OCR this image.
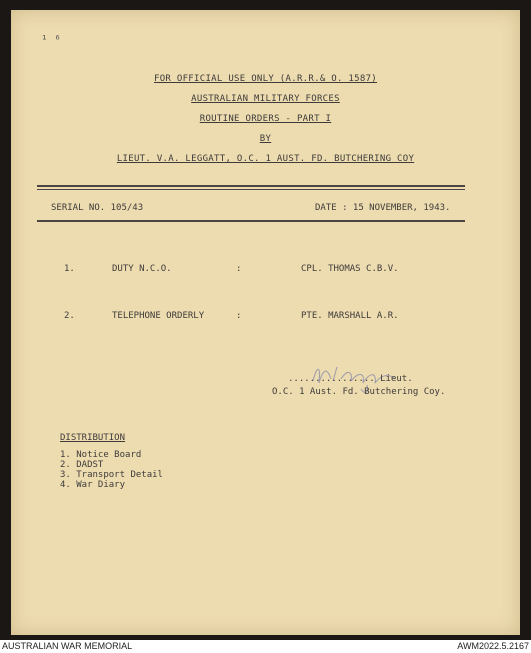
¹ ⁶
FOR OFFICIAL USE ONLY (A.R.R.& O. 1587)
AUSTRALIAN MILITARY FORCES
ROUTINE ORDERS - PART I
BY
LIEUT. V.A. LEGGATT, O.C. 1 AUST. FD. BUTCHERING COY
SERIAL NO. 105/43	DATE : 15 NOVEMBER, 1943.
1.	DUTY N.C.O.	:	CPL. THOMAS C.B.V.
2.	TELEPHONE ORDERLY	:	PTE. MARSHALL A.R.
................ Lieut.
O.C. 1 Aust. Fd. Butchering Coy.
DISTRIBUTION
1. Notice Board
2. DADST
3. Transport Detail
4. War Diary
AUSTRALIAN WAR MEMORIAL	AWM2022.5.2167
